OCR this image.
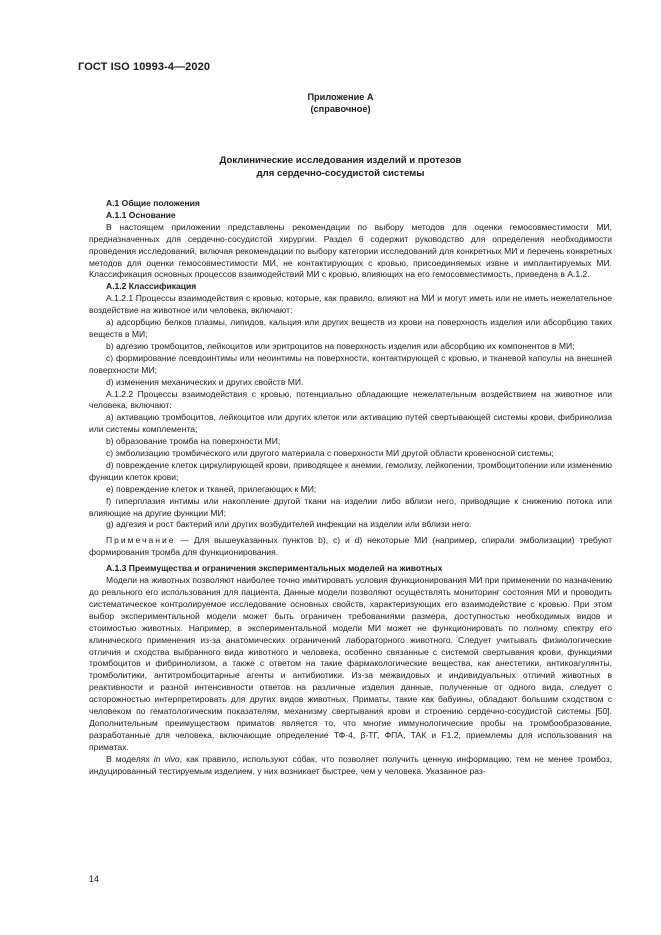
ГОСТ ISO 10993-4—2020
Приложение А
(справочное)
Доклинические исследования изделий и протезов
для сердечно-сосудистой системы

А.1 Общие положения

А.1.1 Основание

В настоящем приложении представлены рекомендации по выбору методов для оценки гемосовместимости МИ, предназначенных для сердечно-сосудистой хирургии. Раздел 6 содержит руководство для определения необходимости проведения исследований, включая рекомендации по выбору категории исследований для конкретных МИ и перечень конкретных методов для оценки гемосовместимости МИ, не контактирующих с кровью, присоединяемых извне и имплантируемых МИ. Классификация основных процессов взаимодействий МИ с кровью, влияющих на его гемосовместимость, приведена в А.1.2.

А.1.2 Классификация

А.1.2.1 Процессы взаимодействия с кровью, которые, как правило, влияют на МИ и могут иметь или не иметь нежелательное воздействие на животное или человека, включают:

a) адсорбцию белков плазмы, липидов, кальция или других веществ из крови на поверхность изделия или абсорбцию таких веществ в МИ;

b) адгезию тромбоцитов, лейкоцитов или эритроцитов на поверхность изделия или абсорбцию их компонентов в МИ;

c) формирование псевдоинтимы или неоинтимы на поверхности, контактирующей с кровью, и тканевой капсулы на внешней поверхности МИ;

d) изменения механических и других свойств МИ.

А.1.2.2 Процессы взаимодействия с кровью, потенциально обладающие нежелательным воздействием на животное или человека, включают:

a) активацию тромбоцитов, лейкоцитов или других клеток или активацию путей свертывающей системы крови, фибринолиза или системы комплемента;

b) образование тромба на поверхности МИ;

c) эмболизацию тромбического или другого материала с поверхности МИ другой области кровеносной системы;

d) повреждение клеток циркулирующей крови, приводящее к анемии, гемолизу, лейкопении, тромбоцитопении или изменению функции клеток крови;

e) повреждение клеток и тканей, прилегающих к МИ;

f) гиперплазия интимы или накопление другой ткани на изделии либо вблизи него, приводящие к снижению потока или влияющие на другие функции МИ;

g) адгезия и рост бактерий или других возбудителей инфекции на изделии или вблизи него.

Примечание — Для вышеуказанных пунктов b), c) и d) некоторые МИ (например, спирали эмболизации) требуют формирования тромба для функционирования.

А.1.3 Преимущества и ограничения экспериментальных моделей на животных

Модели на животных позволяют наиболее точно имитировать условия функционирования МИ при применении по назначению до реального его использования для пациента. Данные модели позволяют осуществлять мониторинг состояния МИ и проводить систематическое контролируемое исследование основных свойств, характеризующих его взаимодействие с кровью. При этом выбор экспериментальной модели может быть ограничен требованиями размера, доступностью необходимых видов и стоимостью животных. Например, в экспериментальной модели МИ может не функционировать по полному спектру его клинического применения из-за анатомических ограничений лабораторного животного. Следует учитывать физиологические отличия и сходства выбранного вида животного и человека, особенно связанные с системой свертывания крови, функциями тромбоцитов и фибринолизом, а также с ответом на такие фармакологические вещества, как анестетики, антикоагулянты, тромболитики, антитромбоцитарные агенты и антибиотики. Из-за межвидовых и индивидуальных отличий животных в реактивности и разной интенсивности ответов на различные изделия данные, полученные от одного вида, следует с осторожностью интерпретировать для других видов животных. Приматы, такие как бабуины, обладают большим сходством с человеком по гематологическим показателям, механизму свертывания крови и строению сердечно-сосудистой системы [50]. Дополнительным преимуществом приматов является то, что многие иммунологические пробы на тромбообразование, разработанные для человека, включающие определение ТФ-4, β-ТГ, ФПА, ТАК и F1.2, приемлемы для использования на приматах.

В моделях in vivo, как правило, используют собак, что позволяет получить ценную информацию; тем не менее тромбоз, индуцированный тестируемым изделием, у них возникает быстрее, чем у человека. Указанное раз-

14
